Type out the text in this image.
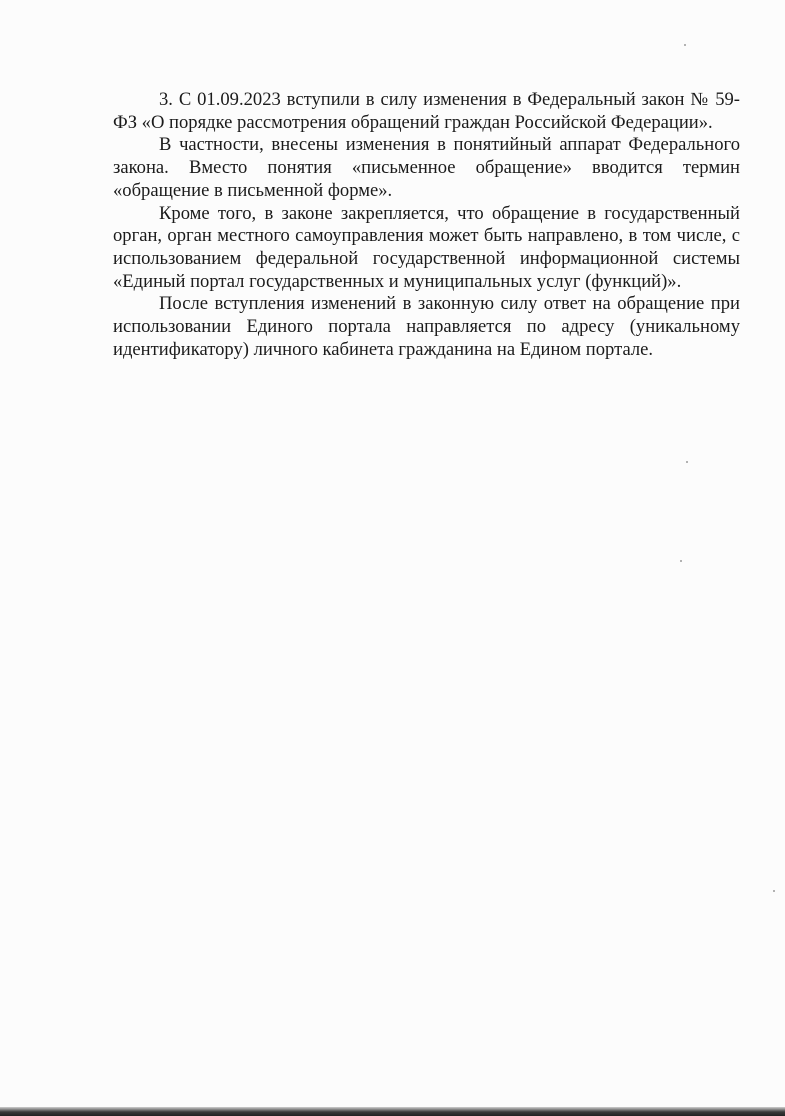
3. С 01.09.2023 вступили в силу изменения в Федеральный закон № 59-
ФЗ «О порядке рассмотрения обращений граждан Российской Федерации».

В частности, внесены изменения в понятийный аппарат Федерального
закона. Вместо понятия «письменное обращение» вводится термин
«обращение в письменной форме».

Кроме того, в законе закрепляется, что обращение в государственный
орган, орган местного самоуправления может быть направлено, в том числе, с
использованием федеральной государственной информационной системы
«Единый портал государственных и муниципальных услуг (функций)».

После вступления изменений в законную силу ответ на обращение при
использовании Единого портала направляется по адресу (уникальному
идентификатору) личного кабинета гражданина на Едином портале.
